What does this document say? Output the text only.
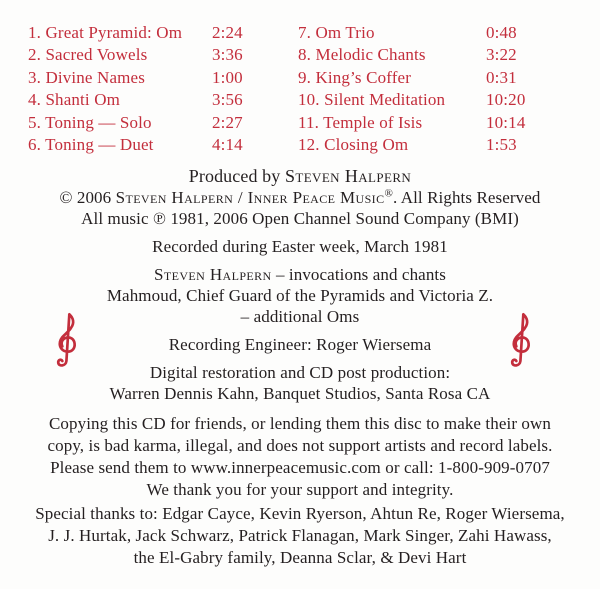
1. Great Pyramid: Om	2:24
2. Sacred Vowels	3:36
3. Divine Names	1:00
4. Shanti Om	3:56
5. Toning — Solo	2:27
6. Toning — Duet	4:14
7. Om Trio	0:48
8. Melodic Chants	3:22
9. King’s Coffer	0:31
10. Silent Meditation	10:20
11. Temple of Isis	10:14
12. Closing Om	1:53
Produced by Steven Halpern
© 2006 Steven Halpern / Inner Peace Music®. All Rights Reserved
All music ℗ 1981, 2006 Open Channel Sound Company (BMI)
Recorded during Easter week, March 1981
Steven Halpern – invocations and chants
Mahmoud, Chief Guard of the Pyramids and Victoria Z.
– additional Oms
Recording Engineer: Roger Wiersema
Digital restoration and CD post production:
Warren Dennis Kahn, Banquet Studios, Santa Rosa CA
Copying this CD for friends, or lending them this disc to make their own
copy, is bad karma, illegal, and does not support artists and record labels.
Please send them to www.innerpeacemusic.com or call: 1-800-909-0707
We thank you for your support and integrity.
Special thanks to: Edgar Cayce, Kevin Ryerson, Ahtun Re, Roger Wiersema,
J. J. Hurtak, Jack Schwarz, Patrick Flanagan, Mark Singer, Zahi Hawass,
the El-Gabry family, Deanna Sclar, & Devi Hart
